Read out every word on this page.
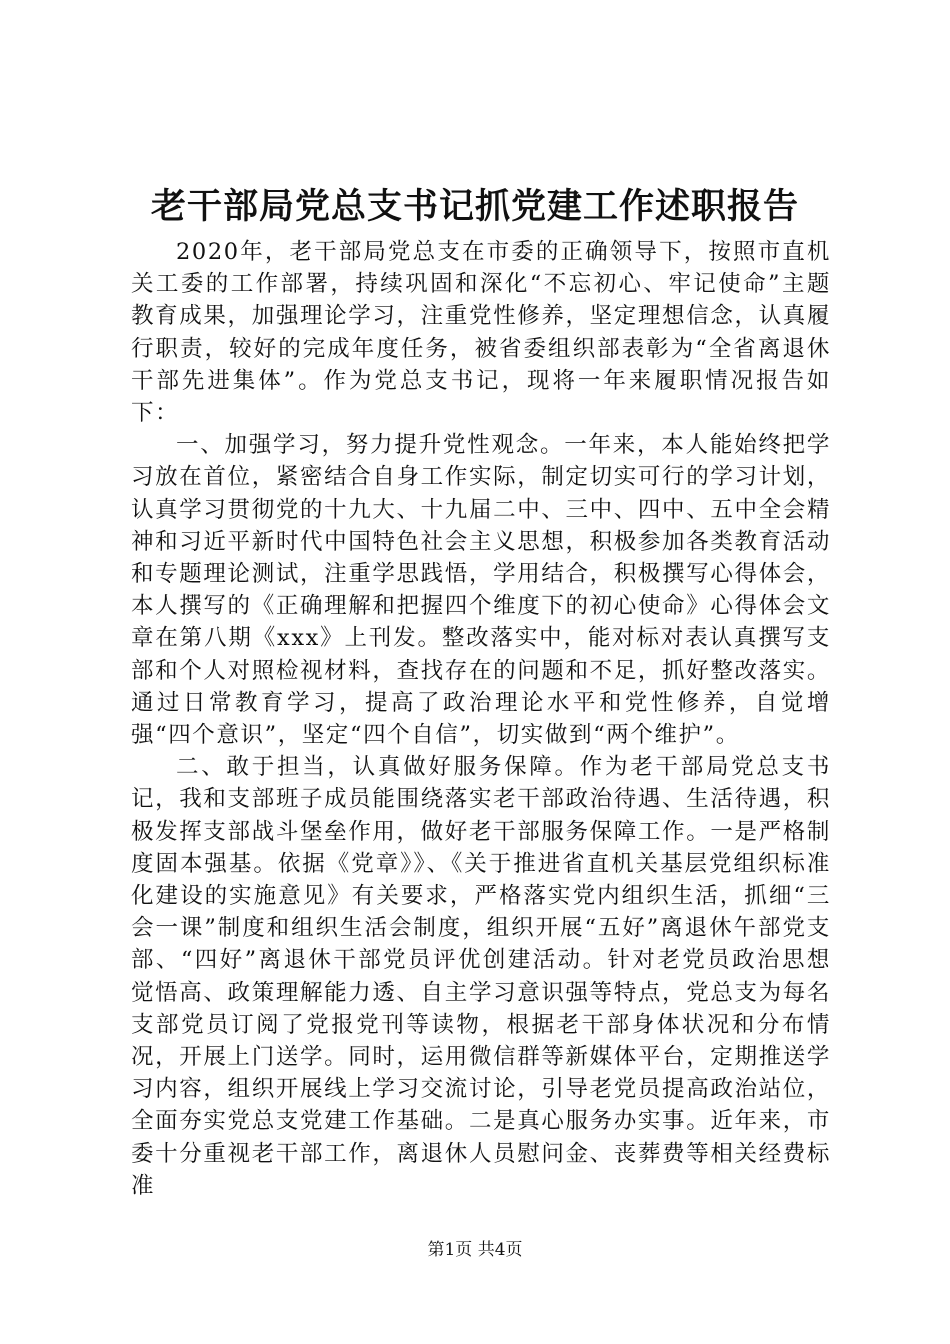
老干部局党总支书记抓党建工作述职报告

2020年，老干部局党总支在市委的正确领导下，按照市直机关工委的工作部署，持续巩固和深化“不忘初心、牢记使命”主题教育成果，加强理论学习，注重党性修养，坚定理想信念，认真履行职责，较好的完成年度任务，被省委组织部表彰为“全省离退休干部先进集体”。作为党总支书记，现将一年来履职情况报告如下：

一、加强学习，努力提升党性观念。一年来，本人能始终把学习放在首位，紧密结合自身工作实际，制定切实可行的学习计划，认真学习贯彻党的十九大、十九届二中、三中、四中、五中全会精神和习近平新时代中国特色社会主义思想，积极参加各类教育活动和专题理论测试，注重学思践悟，学用结合，积极撰写心得体会，本人撰写的《正确理解和把握四个维度下的初心使命》心得体会文章在第八期《xxx》上刊发。整改落实中，能对标对表认真撰写支部和个人对照检视材料，查找存在的问题和不足，抓好整改落实。通过日常教育学习，提高了政治理论水平和党性修养，自觉增强“四个意识”，坚定“四个自信”，切实做到“两个维护”。

二、敢于担当，认真做好服务保障。作为老干部局党总支书记，我和支部班子成员能围绕落实老干部政治待遇、生活待遇，积极发挥支部战斗堡垒作用，做好老干部服务保障工作。一是严格制度固本强基。依据《党章》》、《关于推进省直机关基层党组织标准化建设的实施意见》有关要求，严格落实党内组织生活，抓细“三会一课”制度和组织生活会制度，组织开展“五好”离退休午部党支部、“四好”离退休干部党员评优创建活动。针对老党员政治思想觉悟高、政策理解能力透、自主学习意识强等特点，党总支为每名支部党员订阅了党报党刊等读物，根据老干部身体状况和分布情况，开展上门送学。同时，运用微信群等新媒体平台，定期推送学习内容，组织开展线上学习交流讨论，引导老党员提高政治站位，全面夯实党总支党建工作基础。二是真心服务办实事。近年来，市委十分重视老干部工作，离退休人员慰问金、丧葬费等相关经费标准

第1页 共4页
